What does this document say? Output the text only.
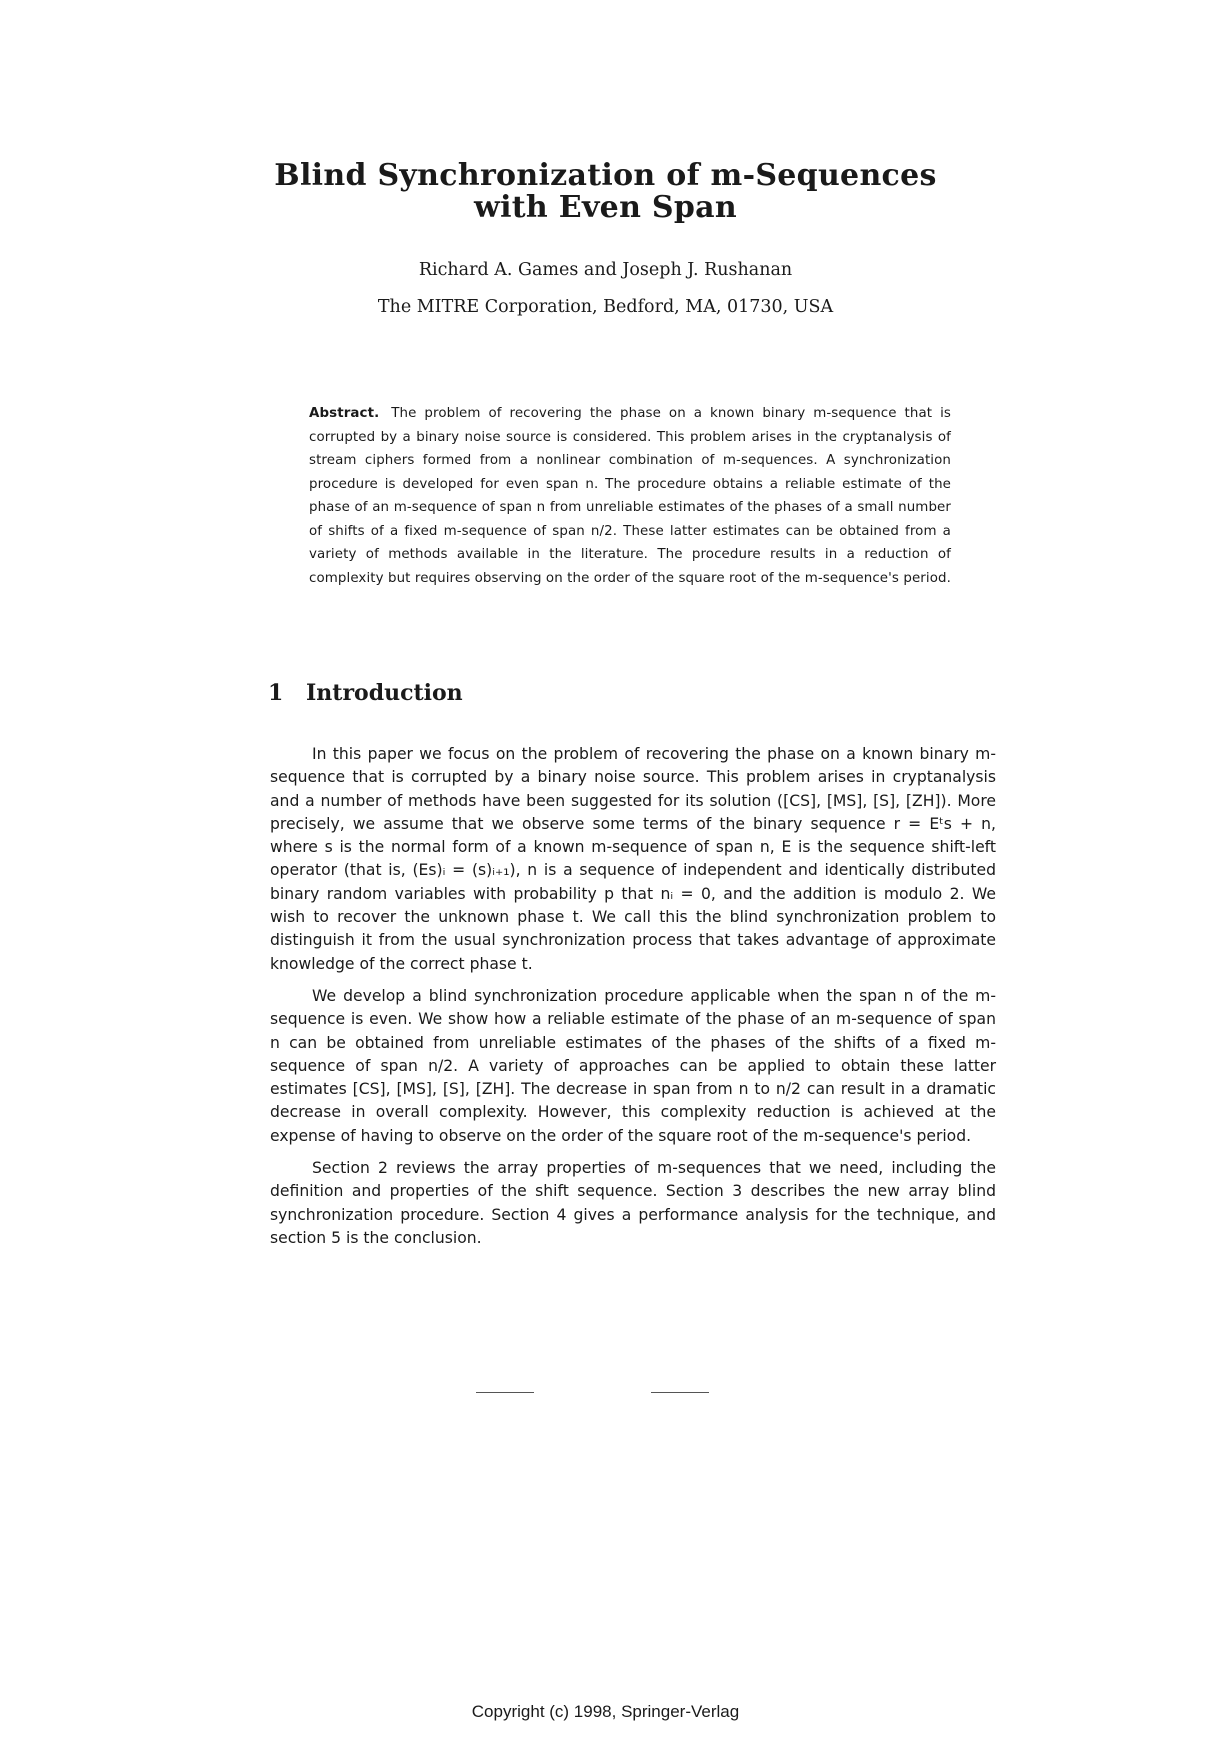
Blind Synchronization of m-Sequences
with Even Span
Richard A. Games and Joseph J. Rushanan
The MITRE Corporation, Bedford, MA, 01730, USA
Abstract. The problem of recovering the phase on a known binary m-sequence that is corrupted by a binary noise source is considered. This problem arises in the cryptanalysis of stream ciphers formed from a nonlinear combination of m-sequences. A synchronization procedure is developed for even span n. The procedure obtains a reliable estimate of the phase of an m-sequence of span n from unreliable estimates of the phases of a small number of shifts of a fixed m-sequence of span n/2. These latter estimates can be obtained from a variety of methods available in the literature. The procedure results in a reduction of complexity but requires observing on the order of the square root of the m-sequence's period.
1 Introduction

In this paper we focus on the problem of recovering the phase on a known binary m-sequence that is corrupted by a binary noise source. This problem arises in cryptanalysis and a number of methods have been suggested for its solution ([CS], [MS], [S], [ZH]). More precisely, we assume that we observe some terms of the binary sequence r = Eᵗs + n, where s is the normal form of a known m-sequence of span n, E is the sequence shift-left operator (that is, (Es)ᵢ = (s)ᵢ₊₁), n is a sequence of independent and identically distributed binary random variables with probability p that nᵢ = 0, and the addition is modulo 2. We wish to recover the unknown phase t. We call this the blind synchronization problem to distinguish it from the usual synchronization process that takes advantage of approximate knowledge of the correct phase t.

We develop a blind synchronization procedure applicable when the span n of the m-sequence is even. We show how a reliable estimate of the phase of an m-sequence of span n can be obtained from unreliable estimates of the phases of the shifts of a fixed m-sequence of span n/2. A variety of approaches can be applied to obtain these latter estimates [CS], [MS], [S], [ZH]. The decrease in span from n to n/2 can result in a dramatic decrease in overall complexity. However, this complexity reduction is achieved at the expense of having to observe on the order of the square root of the m-sequence's period.

Section 2 reviews the array properties of m-sequences that we need, including the definition and properties of the shift sequence. Section 3 describes the new array blind synchronization procedure. Section 4 gives a performance analysis for the technique, and section 5 is the conclusion.

Copyright (c) 1998, Springer-Verlag
